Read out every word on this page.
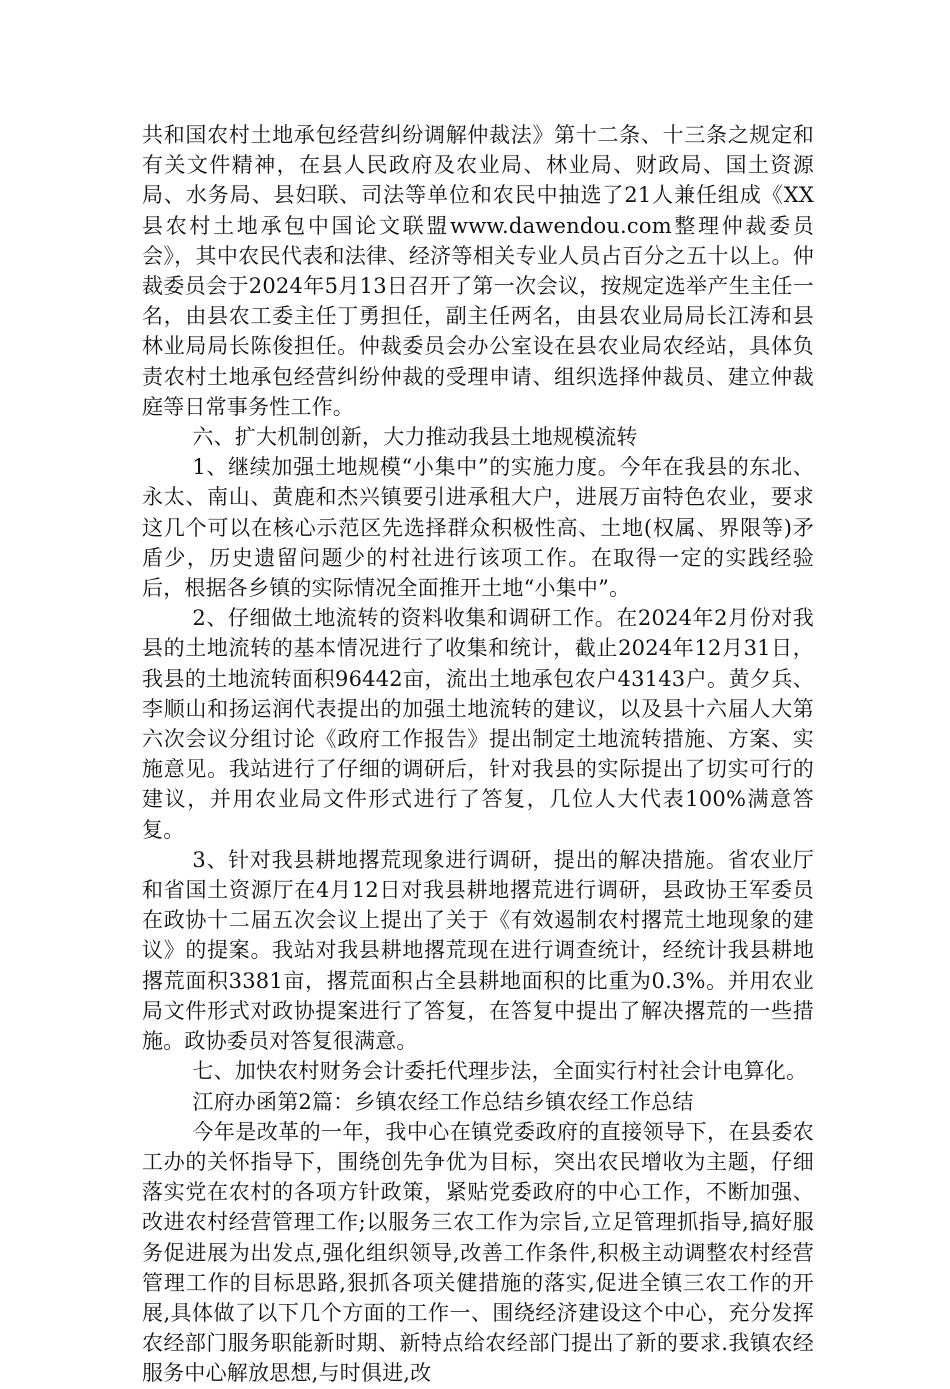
共和国农村土地承包经营纠纷调解仲裁法》第十二条、十三条之规定和有关文件精神，在县人民政府及农业局、林业局、财政局、国土资源局、水务局、县妇联、司法等单位和农民中抽选了21人兼任组成《XX县农村土地承包中国论文联盟www.dawendou.com整理仲裁委员会》，其中农民代表和法律、经济等相关专业人员占百分之五十以上。仲裁委员会于2024年5月13日召开了第一次会议，按规定选举产生主任一名，由县农工委主任丁勇担任，副主任两名，由县农业局局长江涛和县林业局局长陈俊担任。仲裁委员会办公室设在县农业局农经站，具体负责农村土地承包经营纠纷仲裁的受理申请、组织选择仲裁员、建立仲裁庭等日常事务性工作。

六、扩大机制创新，大力推动我县土地规模流转

1、继续加强土地规模“小集中”的实施力度。今年在我县的东北、永太、南山、黄鹿和杰兴镇要引进承租大户，进展万亩特色农业，要求这几个可以在核心示范区先选择群众积极性高、土地(权属、界限等)矛盾少，历史遗留问题少的村社进行该项工作。在取得一定的实践经验后，根据各乡镇的实际情况全面推开土地“小集中”。

2、仔细做土地流转的资料收集和调研工作。在2024年2月份对我县的土地流转的基本情况进行了收集和统计，截止2024年12月31日，我县的土地流转面积96442亩，流出土地承包农户43143户。黄夕兵、李顺山和扬运润代表提出的加强土地流转的建议，以及县十六届人大第六次会议分组讨论《政府工作报告》提出制定土地流转措施、方案、实施意见。我站进行了仔细的调研后，针对我县的实际提出了切实可行的建议，并用农业局文件形式进行了答复，几位人大代表100%满意答复。

3、针对我县耕地撂荒现象进行调研，提出的解决措施。省农业厅和省国土资源厅在4月12日对我县耕地撂荒进行调研，县政协王军委员在政协十二届五次会议上提出了关于《有效遏制农村撂荒土地现象的建议》的提案。我站对我县耕地撂荒现在进行调查统计，经统计我县耕地撂荒面积3381亩，撂荒面积占全县耕地面积的比重为0.3%。并用农业局文件形式对政协提案进行了答复，在答复中提出了解决撂荒的一些措施。政协委员对答复很满意。

七、加快农村财务会计委托代理步法，全面实行村社会计电算化。

江府办函第2篇：乡镇农经工作总结乡镇农经工作总结

今年是改革的一年，我中心在镇党委政府的直接领导下，在县委农工办的关怀指导下，围绕创先争优为目标，突出农民增收为主题，仔细落实党在农村的各项方针政策，紧贴党委政府的中心工作，不断加强、改进农村经营管理工作;以服务三农工作为宗旨,立足管理抓指导,搞好服务促进展为出发点,强化组织领导,改善工作条件,积极主动调整农村经营管理工作的目标思路,狠抓各项关健措施的落实,促进全镇三农工作的开展,具体做了以下几个方面的工作一、围绕经济建设这个中心，充分发挥农经部门服务职能新时期、新特点给农经部门提出了新的要求.我镇农经服务中心解放思想,与时俱进,改
